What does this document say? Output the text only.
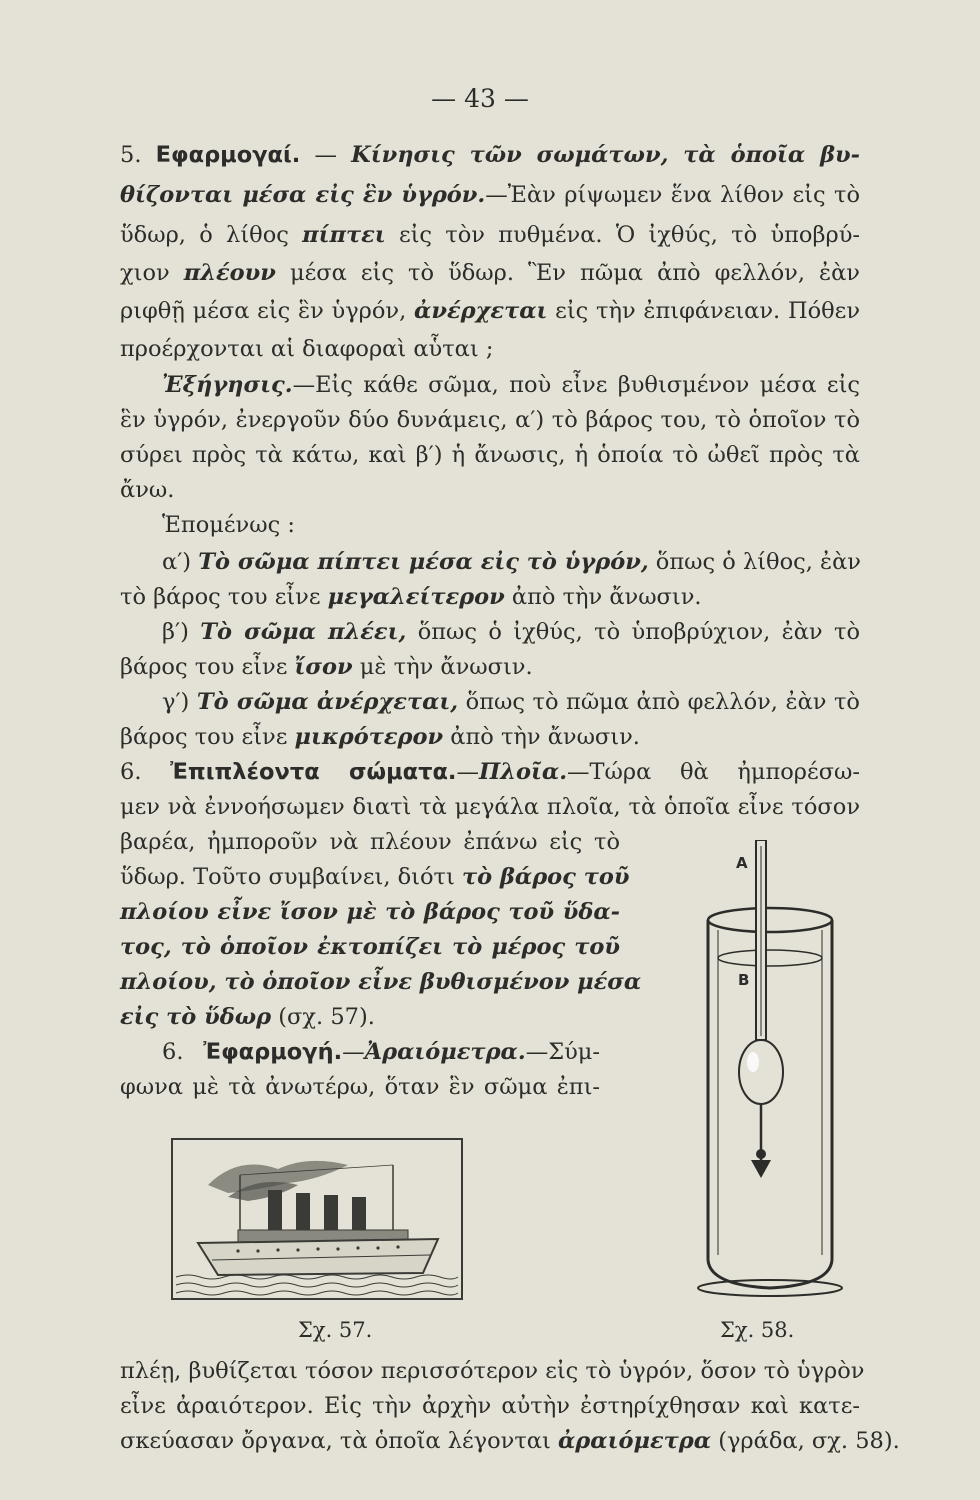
— 43 —
5. Εφαρμογαί. — Κίνησις τῶν σωμάτων, τὰ ὁποῖα βυ-
θίζονται μέσα εἰς ἓν ὑγρόν.—Ἐὰν ρίψωμεν ἕνα λίθον εἰς τὸ
ὕδωρ, ὁ λίθος πίπτει εἰς τὸν πυθμένα. Ὁ ἰχθύς, τὸ ὑποβρύ-
χιον πλέουν μέσα εἰς τὸ ὕδωρ. Ἓν πῶμα ἀπὸ φελλόν, ἐὰν
ριφθῇ μέσα εἰς ἓν ὑγρόν, ἀνέρχεται εἰς τὴν ἐπιφάνειαν. Πόθεν
προέρχονται αἱ διαφοραὶ αὗται ;
Ἐξήγησις.—Εἰς κάθε σῶμα, ποὺ εἶνε βυθισμένον μέσα εἰς
ἓν ὑγρόν, ἐνεργοῦν δύο δυνάμεις, α′) τὸ βάρος του, τὸ ὁποῖον τὸ
σύρει πρὸς τὰ κάτω, καὶ β′) ἡ ἄνωσις, ἡ ὁποία τὸ ὠθεῖ πρὸς τὰ
ἄνω.
Ἑπομένως :
α′) Τὸ σῶμα πίπτει μέσα εἰς τὸ ὑγρόν, ὅπως ὁ λίθος, ἐὰν
τὸ βάρος του εἶνε μεγαλείτερον ἀπὸ τὴν ἄνωσιν.
β′) Τὸ σῶμα πλέει, ὅπως ὁ ἰχθύς, τὸ ὑποβρύχιον, ἐὰν τὸ
βάρος του εἶνε ἴσον μὲ τὴν ἄνωσιν.
γ′) Τὸ σῶμα ἀνέρχεται, ὅπως τὸ πῶμα ἀπὸ φελλόν, ἐὰν τὸ
βάρος του εἶνε μικρότερον ἀπὸ τὴν ἄνωσιν.
6. Ἐπιπλέοντα σώματα.—Πλοῖα.—Τώρα θὰ ἠμπορέσω-
μεν νὰ ἐννοήσωμεν διατὶ τὰ μεγάλα πλοῖα, τὰ ὁποῖα εἶνε τόσον
βαρέα, ἠμποροῦν νὰ πλέουν ἐπάνω εἰς τὸ
ὕδωρ. Τοῦτο συμβαίνει, διότι τὸ βάρος τοῦ
πλοίου εἶνε ἴσον μὲ τὸ βάρος τοῦ ὕδα-
τος, τὸ ὁποῖον ἐκτοπίζει τὸ μέρος τοῦ
πλοίου, τὸ ὁποῖον εἶνε βυθισμένον μέσα
εἰς τὸ ὕδωρ (σχ. 57).
6. Ἐφαρμογή.—Ἀραιόμετρα.—Σύμ-
φωνα μὲ τὰ ἀνωτέρω, ὅταν ἓν σῶμα ἐπι-
πλέῃ, βυθίζεται τόσον περισσότερον εἰς τὸ ὑγρόν, ὅσον τὸ ὑγρὸν
εἶνε ἀραιότερον. Εἰς τὴν ἀρχὴν αὐτὴν ἐστηρίχθησαν καὶ κατε-
σκεύασαν ὄργανα, τὰ ὁποῖα λέγονται ἀραιόμετρα (γράδα, σχ. 58).
A
B
Σχ. 57.	Σχ. 58.
